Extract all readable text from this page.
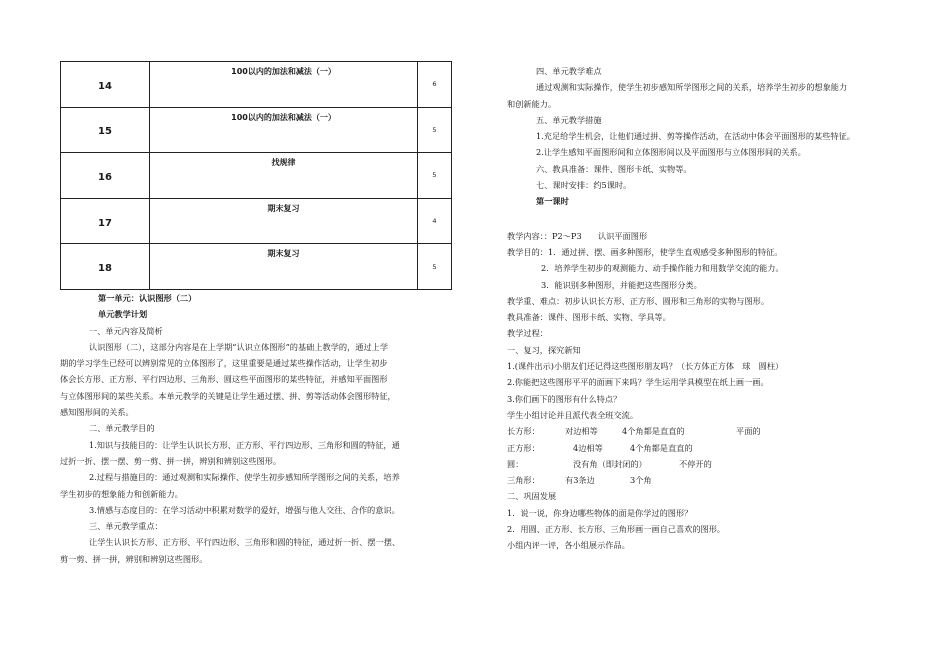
14	100以内的加法和减法（一）	6
15	100以内的加法和减法（一）	5
16	找规律	5
17	期末复习	4
18	期末复习	5

第一单元：认识图形（二）

单元教学计划

一、单元内容及简析

认识图形（二），这部分内容是在上学期“认识立体图形”的基础上教学的，通过上学

期的学习学生已经可以辨别常见的立体图形了，这里重要是通过某些操作活动，让学生初步

体会长方形、正方形、平行四边形、三角形、圆这些平面图形的某些特征，并感知平面图形

与立体图形间的某些关系。本单元教学的关键是让学生通过摆、拼、剪等活动体会图形特征，

感知图形间的关系。

二、单元教学目的

1.知识与技能目的：让学生认识长方形、正方形、平行四边形、三角形和圆的特征，通

过折一折、摆一摆、剪一剪、拼一拼，辨别和辨别这些图形。

2.过程与措施目的：通过观测和实际操作、使学生初步感知所学图形之间的关系，培养

学生初步的想象能力和创新能力。

3.情感与态度目的：在学习活动中积累对数学的爱好，增强与他人交往、合作的意识。

三、单元教学重点：

让学生认识长方形、正方形、平行四边形、三角形和圆的特征，通过折一折、摆一摆、

剪一剪、拼一拼，辨别和辨别这些图形。

四、单元教学难点

通过观测和实际操作，使学生初步感知所学图形之间的关系，培养学生初步的想象能力

和创新能力。

五、单元教学措施

1.充足给学生机会，让他们通过拼、剪等操作活动，在活动中体会平面图形的某些特征。

2.让学生感知平面图形间和立体图形间以及平面图形与立体图形间的关系。

六、教具准备：课件、图形卡纸、实物等。

七、课时安排：约5课时。

第一课时

教学内容：：P2～P3　　认识平面图形

教学目的：1．通过拼、摆、画多种图形，使学生直观感受多种图形的特征。

2．培养学生初步的观测能力、动手操作能力和用数学交流的能力。

3．能识别多种图形，并能把这些图形分类。

教学重、难点：初步认识长方形、正方形、圆形和三角形的实物与图形。

教具准备：课件、图形卡纸、实物、学具等。

教学过程：

一、复习，探究新知

1.(课件出示)小朋友们还记得这些图形朋友吗？（长方体正方体　球　圆柱）

2.你能把这些图形平平的面画下来吗？学生运用学具模型在纸上画一画。

3.你们画下的图形有什么特点？

学生小组讨论并且派代表全班交流。

长方形：	对边相等	4个角都是直直的	平面的

正方形：	4边相等	4个角都是直直的

圆：	没有角（即封闭的）	不停开的

三角形：	有3条边	3个角

二、巩固发展

1．说一说，你身边哪些物体的面是你学过的图形？

2．用圆、正方形、长方形、三角形画一画自己喜欢的图形。

小组内评一评，各小组展示作品。
